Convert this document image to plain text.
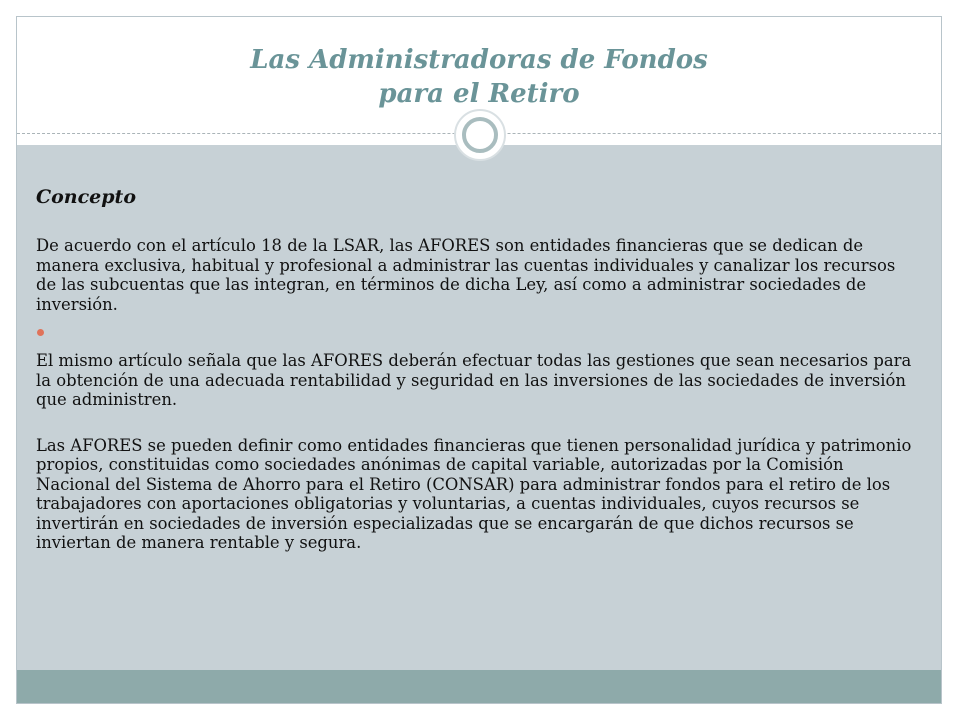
Las Administradoras de Fondos
para el Retiro
Concepto

De acuerdo con el artículo 18 de la LSAR, las AFORES son entidades financieras que se dedican de manera exclusiva, habitual y profesional a administrar las cuentas individuales y canalizar los recursos de las subcuentas que las integran, en términos de dicha Ley, así como a administrar sociedades de inversión.

El mismo artículo señala que las AFORES deberán efectuar todas las gestiones que sean necesarios para la obtención de una adecuada rentabilidad y seguridad en las inversiones de las sociedades de inversión que administren.

Las AFORES se pueden definir como entidades financieras que tienen personalidad jurídica y patrimonio propios, constituidas como sociedades anónimas de capital variable, autorizadas por la Comisión Nacional del Sistema de Ahorro para el Retiro (CONSAR) para administrar fondos para el retiro de los trabajadores con aportaciones obligatorias y voluntarias, a cuentas individuales, cuyos recursos se invertirán en sociedades de inversión especializadas que se encargarán de que dichos recursos se inviertan de manera rentable y segura.
